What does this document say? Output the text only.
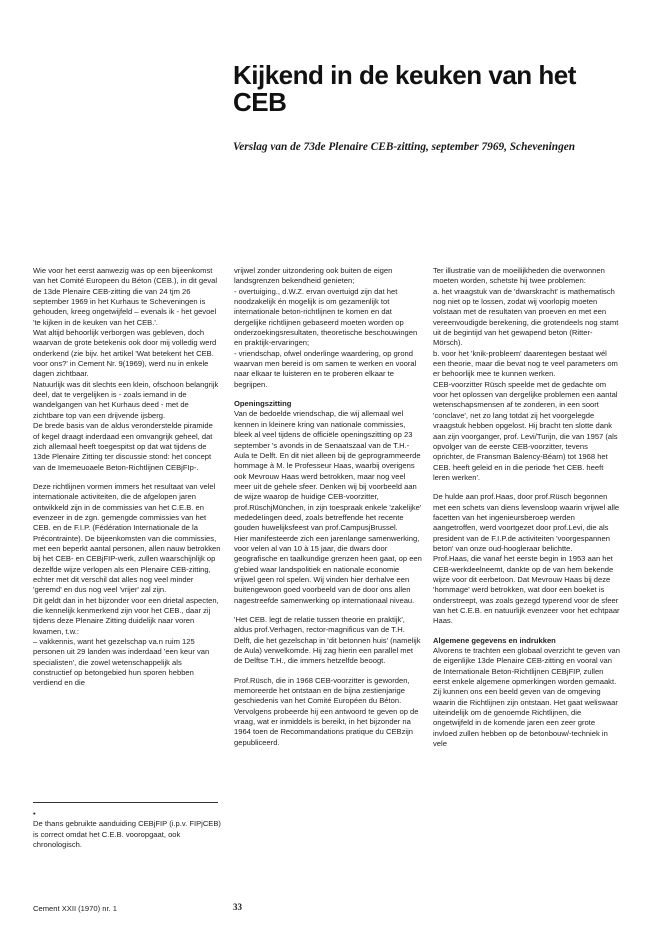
Kijkend in de keuken van het CEB
Verslag van de 73de Plenaire CEB-zitting, september 7969, Scheveningen

Wie voor het eerst aanwezig was op een bijeenkomst van het Comité Europeen du Béton (CEB.), in dit geval de 13de Plenaire CEB-zitting die van 24 tjm 26 september 1969 in het Kurhaus te Scheveningen is gehouden, kreeg ongetwijfeld – evenals ik - het gevoel 'te kijken in de keuken van het CEB.'.

Wat altijd behoorlijk verborgen was gebleven, doch waarvan de grote betekenis ook door mij volledig werd onderkend (zie bijv. het artikel 'Wat betekent het CEB. voor ons?' in Cement Nr. 9(1969), werd nu in enkele dagen zichtbaar.

Natuurlijk was dit slechts een klein, ofschoon belangrijk deel, dat te vergelijken is - zoals iemand in de wandelgangen van het Kurhaus deed - met de zichtbare top van een drijvende ijsberg.

De brede basis van de aldus veronderstelde piramide of kegel draagt inderdaad een omvangrijk geheel, dat zich allemaal heeft toegespitst op dat wat tijdens de 13de Plenaire Zitting ter discussie stond: het concept van de Imemeuoaele Beton-Richtlijnen CEBjFIp-.

Deze richtlijnen vormen immers het resultaat van velel internationale activiteiten, die de afgelopen jaren ontwikkeld zijn in de commissies van het C.E.B. en evenzeer in de zgn. gemengde commissies van het CEB. en de F.I.P. (Fédération Internationale de la Précontrainte). De bijeenkomsten van die commissies, met een beperkt aantal personen, allen nauw betrokken bij het CEB- en CEBjFIP-werk, zullen waarschijnlijk op dezelfde wijze verlopen als een Plenaire CEB-zitting, echter met dit verschil dat alles nog veel minder 'geremd' en dus nog veel 'vrijer' zal zijn.

Dit geldt dan in het bijzonder voor een drietal aspecten, die kennelijk kenmerkend zijn voor het CEB., daar zij tijdens deze Plenaire Zitting duidelijk naar voren kwamen, t.w.:

– vakkennis, want het gezelschap va.n ruim 125 personen uit 29 landen was inderdaad 'een keur van specialisten', die zowel wetenschappelijk als constructief op betongebied hun sporen hebben verdiend en die

vrijwel zonder uitzondering ook buiten de eigen landsgrenzen bekendheid genieten;

- overtuiging., d.W.Z. ervan overtuigd zijn dat het noodzakelijk én mogelijk is om gezamenlijk tot internationale beton-richtlijnen te komen en dat dergelijke richtlijnen gebaseerd moeten worden op onderzoekingsresultaten, theoretische beschouwingen en praktijk-ervaringen;

- vriendschap, ofwel onderlinge waardering, op grond waarvan men bereid is om samen te werken en vooral naar elkaar te luisteren en te proberen elkaar te begrijpen.

Openingszitting

Van de bedoelde vriendschap, die wij allemaal wel kennen in kleinere kring van nationale commissies, bleek al veel tijdens de officiële openingszitting op 23 september 's avonds in de Senaatszaal van de T.H.-Aula te Delft. En dit niet alleen bij de geprogrammeerde hommage à M. le Professeur Haas, waarbij overigens ook Mevrouw Haas werd betrokken, maar nog veel meer uit de gehele sfeer. Denken wij bij voorbeeld aan de wijze waarop de huidige CEB-voorzitter, prof.RüschjMünchen, in zijn toespraak enkele 'zakelijke' mededeIingen deed, zoals betreffende het recente gouden huwelijksfeest van prof.CampusjBrussel.

Hier manifesteerde zich een jarenlange samenwerking, voor velen al van 10 à 15 jaar, die dwars door geografische en taalkundige grenzen heen gaat, op een g'ebied waar landspolitiek en nationale economie vrijwel geen rol spelen. Wij vinden hier derhalve een buitengewoon goed voorbeeld van de door ons allen nagestreefde samenwerking op internationaal niveau.

'Het CEB. legt de relatie tussen theorie en praktijk', aldus prof.Verhagen, rector-magnificus van de T.H. Delft, die het gezelschap in 'dit betonnen huis' (namelijk de Aula) verwelkomde. Hij zag hierin een parallel met de Delftse T.H., die immers hetzelfde beoogt.

Prof.Rüsch, die in 1968 CEB-voorzitter is geworden, memoreerde het ontstaan en de bijna zestienjarige geschiedenis van het Comité Européen du Béton. Vervolgens probeerde hij een antwoord te geven op de vraag, wat er inmiddels is bereikt, in het bijzonder na 1964 toen de Recommandations pratique du CEBzijn gepubliceerd.

Ter illustratie van de moeilijkheden die overwonnen moeten worden, schetste hij twee problemen:

a. het vraagstuk van de 'dwarskracht' is mathematisch nog niet op te lossen, zodat wij voorlopig moeten volstaan met de resultaten van proeven en met een vereenvoudigde berekening, die grotendeels nog stamt uit de begintijd van het gewapend beton (Ritter-Mörsch).

b. voor het 'knik-probleem' daarentegen bestaat wél een theorie, maar die bevat nog te veel parameters om er behoorlijk mee te kunnen werken.

CEB-voorzitter Rüsch speelde met de gedachte om voor het oplossen van dergelijke problemen een aantal wetenschapsmensen af te zonderen, in een soort 'conclave', net zo lang totdat zij het voorgelegde vraagstuk hebben opgelost. Hij bracht ten slotte dank aan zijn voorganger, prof. Levi/Turijn, die van 1957 (als opvolger van de eerste CEB-voorzitter, tevens oprichter, de Fransman Balency-Béarn) tot 1968 het CEB. heeft geleid en in die periode 'het CEB. heeft leren werken'.

De hulde aan prof.Haas, door prof.Rüsch begonnen met een schets van diens levensloop waarin vrijwel alle facetten van het ingenieursberoep werden aangetroffen, werd voortgezet door prof.Levi, die als president van de F.I.P.de activiteiten 'voorgespannen beton' van onze oud-hoogleraar belichtte.

Prof.Haas, die vanaf het eerste begin in 1953 aan het CEB-werkdeelneemt, dankte op de van hem bekende wijze voor dit eerbetoon. Dat Mevrouw Haas bij deze 'hommage' werd betrokken, wat door een boeket is onderstreept, was zoals gezegd typerend voor de sfeer van het C.E.B. en natuurlijk evenzeer voor het echtpaar Haas.

Algemene gegevens en indrukken

Alvorens te trachten een globaal overzicht te geven van de eigenlijke 13de Plenaire CEB-zitting en vooral van de Internationale Beton-Richtlijnen CEBjFIP, zullen eerst enkele algemene opmerkingen worden gemaakt. Zij kunnen ons een beeld geven van de omgeving waarin die Richtlijnen zijn ontstaan. Het gaat weliswaar uiteindelijk om de genoemde Richtlijnen, die ongetwijfeld in de komende jaren een zeer grote invloed zullen hebben op de betonbouw/-techniek in vele

•

De thans gebruikte aanduiding CEBjFIP (i.p.v. FIPjCEB) is correct omdat het C.E.B. vooropgaat, ook chronologisch.

Cement XXII (1970) nr. 1	33
